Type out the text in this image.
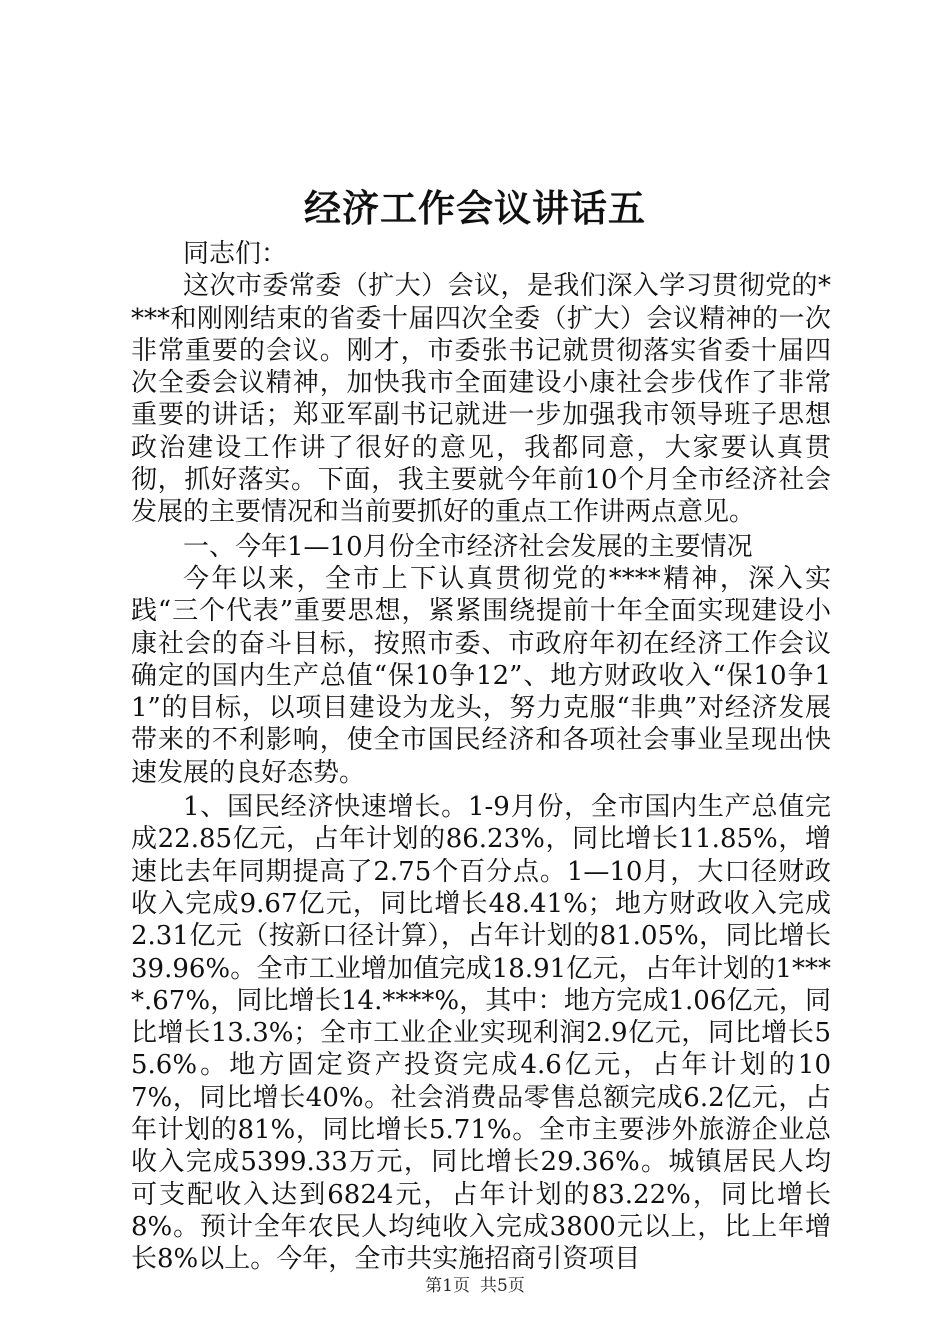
经济工作会议讲话五

同志们：

这次市委常委（扩大）会议，是我们深入学习贯彻党的****和刚刚结束的省委十届四次全委（扩大）会议精神的一次非常重要的会议。刚才，市委张书记就贯彻落实省委十届四次全委会议精神，加快我市全面建设小康社会步伐作了非常重要的讲话；郑亚军副书记就进一步加强我市领导班子思想政治建设工作讲了很好的意见，我都同意，大家要认真贯彻，抓好落实。下面，我主要就今年前10个月全市经济社会发展的主要情况和当前要抓好的重点工作讲两点意见。

一、今年1—10月份全市经济社会发展的主要情况

今年以来，全市上下认真贯彻党的****精神，深入实践“三个代表”重要思想，紧紧围绕提前十年全面实现建设小康社会的奋斗目标，按照市委、市政府年初在经济工作会议确定的国内生产总值“保10争12”、地方财政收入“保10争11”的目标，以项目建设为龙头，努力克服“非典”对经济发展带来的不利影响，使全市国民经济和各项社会事业呈现出快速发展的良好态势。

1、国民经济快速增长。1-9月份，全市国内生产总值完成22.85亿元，占年计划的86.23%，同比增长11.85%，增速比去年同期提高了2.75个百分点。1—10月，大口径财政收入完成9.67亿元，同比增长48.41%；地方财政收入完成2.31亿元（按新口径计算），占年计划的81.05%，同比增长39.96%。全市工业增加值完成18.91亿元，占年计划的1****.67%，同比增长14.****%，其中：地方完成1.06亿元，同比增长13.3%；全市工业企业实现利润2.9亿元，同比增长55.6%。地方固定资产投资完成4.6亿元，占年计划的107%，同比增长40%。社会消费品零售总额完成6.2亿元，占年计划的81%，同比增长5.71%。全市主要涉外旅游企业总收入完成5399.33万元，同比增长29.36%。城镇居民人均可支配收入达到6824元，占年计划的83.22%，同比增长8%。预计全年农民人均纯收入完成3800元以上，比上年增长8%以上。今年，全市共实施招商引资项目

第1页 共5页
